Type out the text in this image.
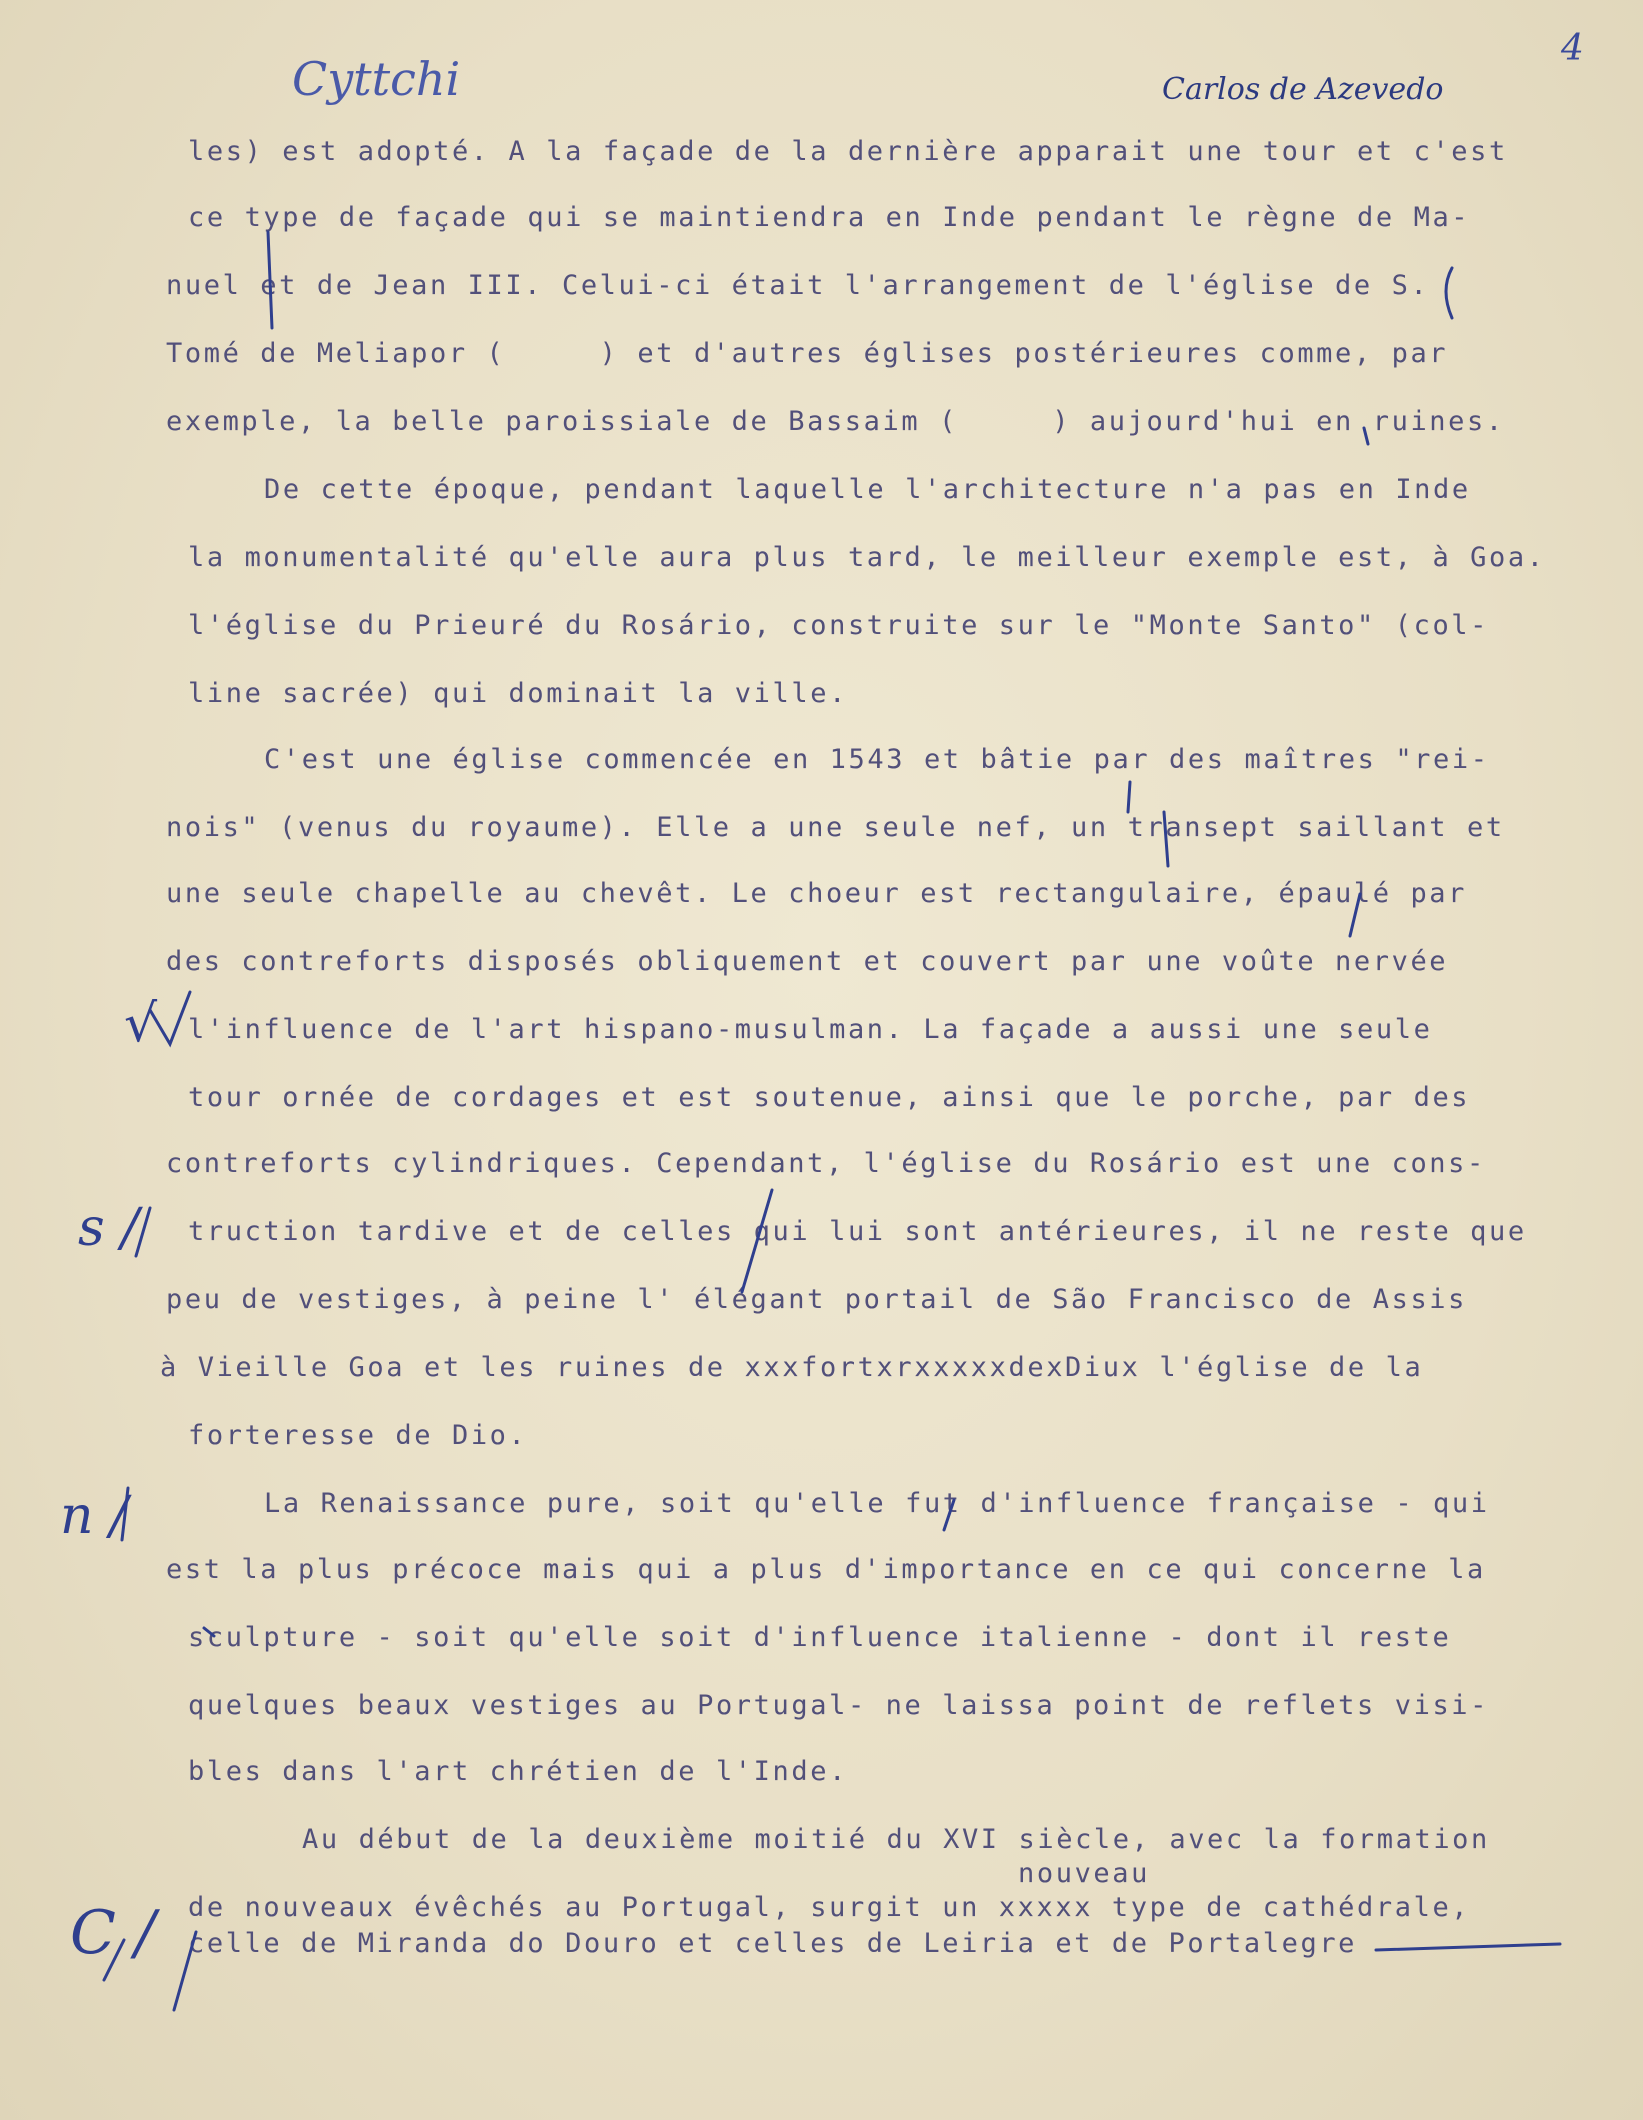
4
Cyttchi	Carlos de Azevedo
√
s /
n /
C /
les) est adopté. A la façade de la dernière apparait une tour et c'est
ce type de façade qui se maintiendra en Inde pendant le règne de Ma-
nuel et de Jean III. Celui-ci était l'arrangement de l'église de S.
Tomé de Meliapor (     ) et d'autres églises postérieures comme, par
exemple, la belle paroissiale de Bassaim (     ) aujourd'hui en ruines.
De cette époque, pendant laquelle l'architecture n'a pas en Inde
la monumentalité qu'elle aura plus tard, le meilleur exemple est, à Goa.
l'église du Prieuré du Rosário, construite sur le "Monte Santo" (col-
line sacrée) qui dominait la ville.
C'est une église commencée en 1543 et bâtie par des maîtres "rei-
nois" (venus du royaume). Elle a une seule nef, un transept saillant et
une seule chapelle au chevêt. Le choeur est rectangulaire, épaulé par
des contreforts disposés obliquement et couvert par une voûte nervée
l'influence de l'art hispano-musulman. La façade a aussi une seule
tour ornée de cordages et est soutenue, ainsi que le porche, par des
contreforts cylindriques. Cependant, l'église du Rosário est une cons-
truction tardive et de celles qui lui sont antérieures, il ne reste que
peu de vestiges, à peine l' élégant portail de São Francisco de Assis
à Vieille Goa et les ruines de xxxfortxrxxxxxdexDiux l'église de la
forteresse de Dio.
La Renaissance pure, soit qu'elle fut d'influence française - qui
est la plus précoce mais qui a plus d'importance en ce qui concerne la
sculpture - soit qu'elle soit d'influence italienne - dont il reste
quelques beaux vestiges au Portugal- ne laissa point de reflets visi-
bles dans l'art chrétien de l'Inde.
Au début de la deuxième moitié du XVI siècle, avec la formation
nouveau
de nouveaux évêchés au Portugal, surgit un xxxxx type de cathédrale,
celle de Miranda do Douro et celles de Leiria et de Portalegre
